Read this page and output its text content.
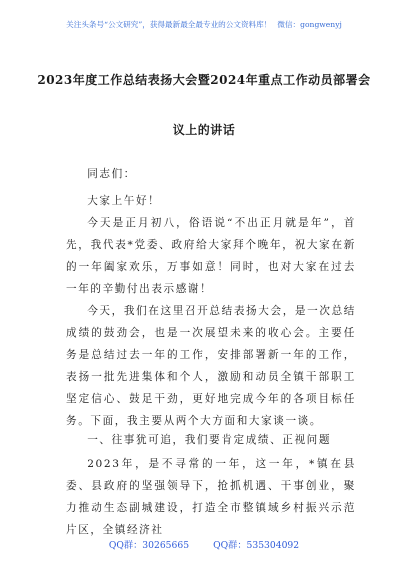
关注头条号“公文研究”，获得最新最全最专业的公文资料库！ 微信：gongwenyj
2023年度工作总结表扬大会暨2024年重点工作动员部署会
议上的讲话

同志们：

大家上午好！

今天是正月初八，俗语说“不出正月就是年”，首先，我代表*党委、政府给大家拜个晚年，祝大家在新的一年阖家欢乐，万事如意！同时，也对大家在过去一年的辛勤付出表示感谢！

今天，我们在这里召开总结表扬大会，是一次总结成绩的鼓劲会，也是一次展望未来的收心会。主要任务是总结过去一年的工作，安排部署新一年的工作，表扬一批先进集体和个人，激励和动员全镇干部职工坚定信心、鼓足干劲，更好地完成今年的各项目标任务。下面，我主要从两个大方面和大家谈一谈。

一、往事犹可追，我们要肯定成绩、正视问题

2023年，是不寻常的一年，这一年，*镇在县委、县政府的坚强领导下，抢抓机遇、干事创业，聚力推动生态副城建设，打造全市整镇域乡村振兴示范片区，全镇经济社

QQ群：30265665	QQ群：535304092
